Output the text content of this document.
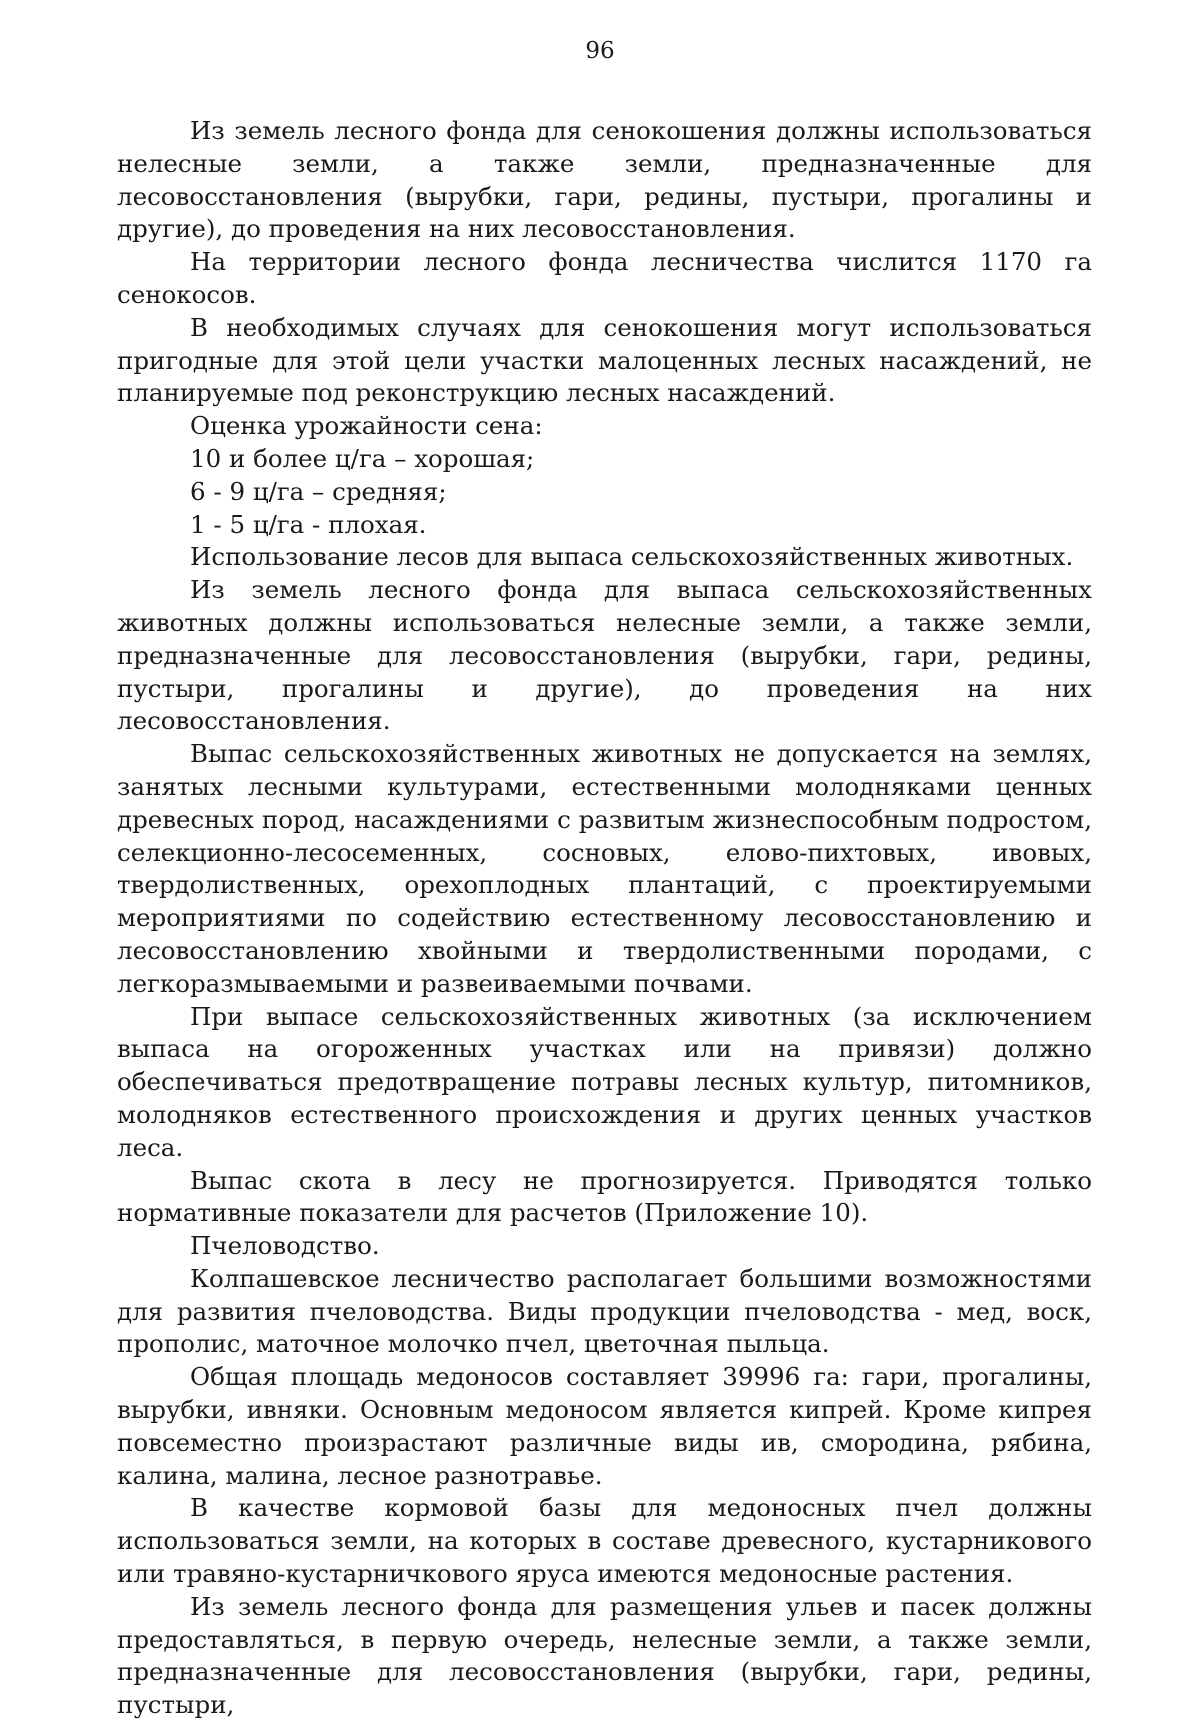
96

Из земель лесного фонда для сенокошения должны использоваться нелесные земли, а также земли, предназначенные для лесовосстановления (вырубки, гари, редины, пустыри, прогалины и другие), до проведения на них лесовосстановления.

На территории лесного фонда лесничества числится 1170 га сенокосов.

В необходимых случаях для сенокошения могут использоваться пригодные для этой цели участки малоценных лесных насаждений, не планируемые под реконструкцию лесных насаждений.

Оценка урожайности сена:

10 и более ц/га – хорошая;

6 - 9 ц/га – средняя;

1 - 5 ц/га - плохая.

Использование лесов для выпаса сельскохозяйственных животных.

Из земель лесного фонда для выпаса сельскохозяйственных животных должны использоваться нелесные земли, а также земли, предназначенные для лесовосстановления (вырубки, гари, редины, пустыри, прогалины и другие), до проведения на них лесовосстановления.

Выпас сельскохозяйственных животных не допускается на землях, занятых лесными культурами, естественными молодняками ценных древесных пород, насаждениями с развитым жизнеспособным подростом, селекционно-лесосеменных, сосновых, елово-пихтовых, ивовых, твердолиственных, орехоплодных плантаций, с проектируемыми мероприятиями по содействию естественному лесовосстановлению и лесовосстановлению хвойными и твердолиственными породами, с легкоразмываемыми и развеиваемыми почвами.

При выпасе сельскохозяйственных животных (за исключением выпаса на огороженных участках или на привязи) должно обеспечиваться предотвращение потравы лесных культур, питомников, молодняков естественного происхождения и других ценных участков леса.

Выпас скота в лесу не прогнозируется. Приводятся только нормативные показатели для расчетов (Приложение 10).

Пчеловодство.

Колпашевское лесничество располагает большими возможностями для развития пчеловодства. Виды продукции пчеловодства - мед, воск, прополис, маточное молочко пчел, цветочная пыльца.

Общая площадь медоносов составляет 39996 га: гари, прогалины, вырубки, ивняки. Основным медоносом является кипрей. Кроме кипрея повсеместно произрастают различные виды ив, смородина, рябина, калина, малина, лесное разнотравье.

В качестве кормовой базы для медоносных пчел должны использоваться земли, на которых в составе древесного, кустарникового или травяно-кустарничкового яруса имеются медоносные растения.

Из земель лесного фонда для размещения ульев и пасек должны предоставляться, в первую очередь, нелесные земли, а также земли, предназначенные для лесовосстановления (вырубки, гари, редины, пустыри,
